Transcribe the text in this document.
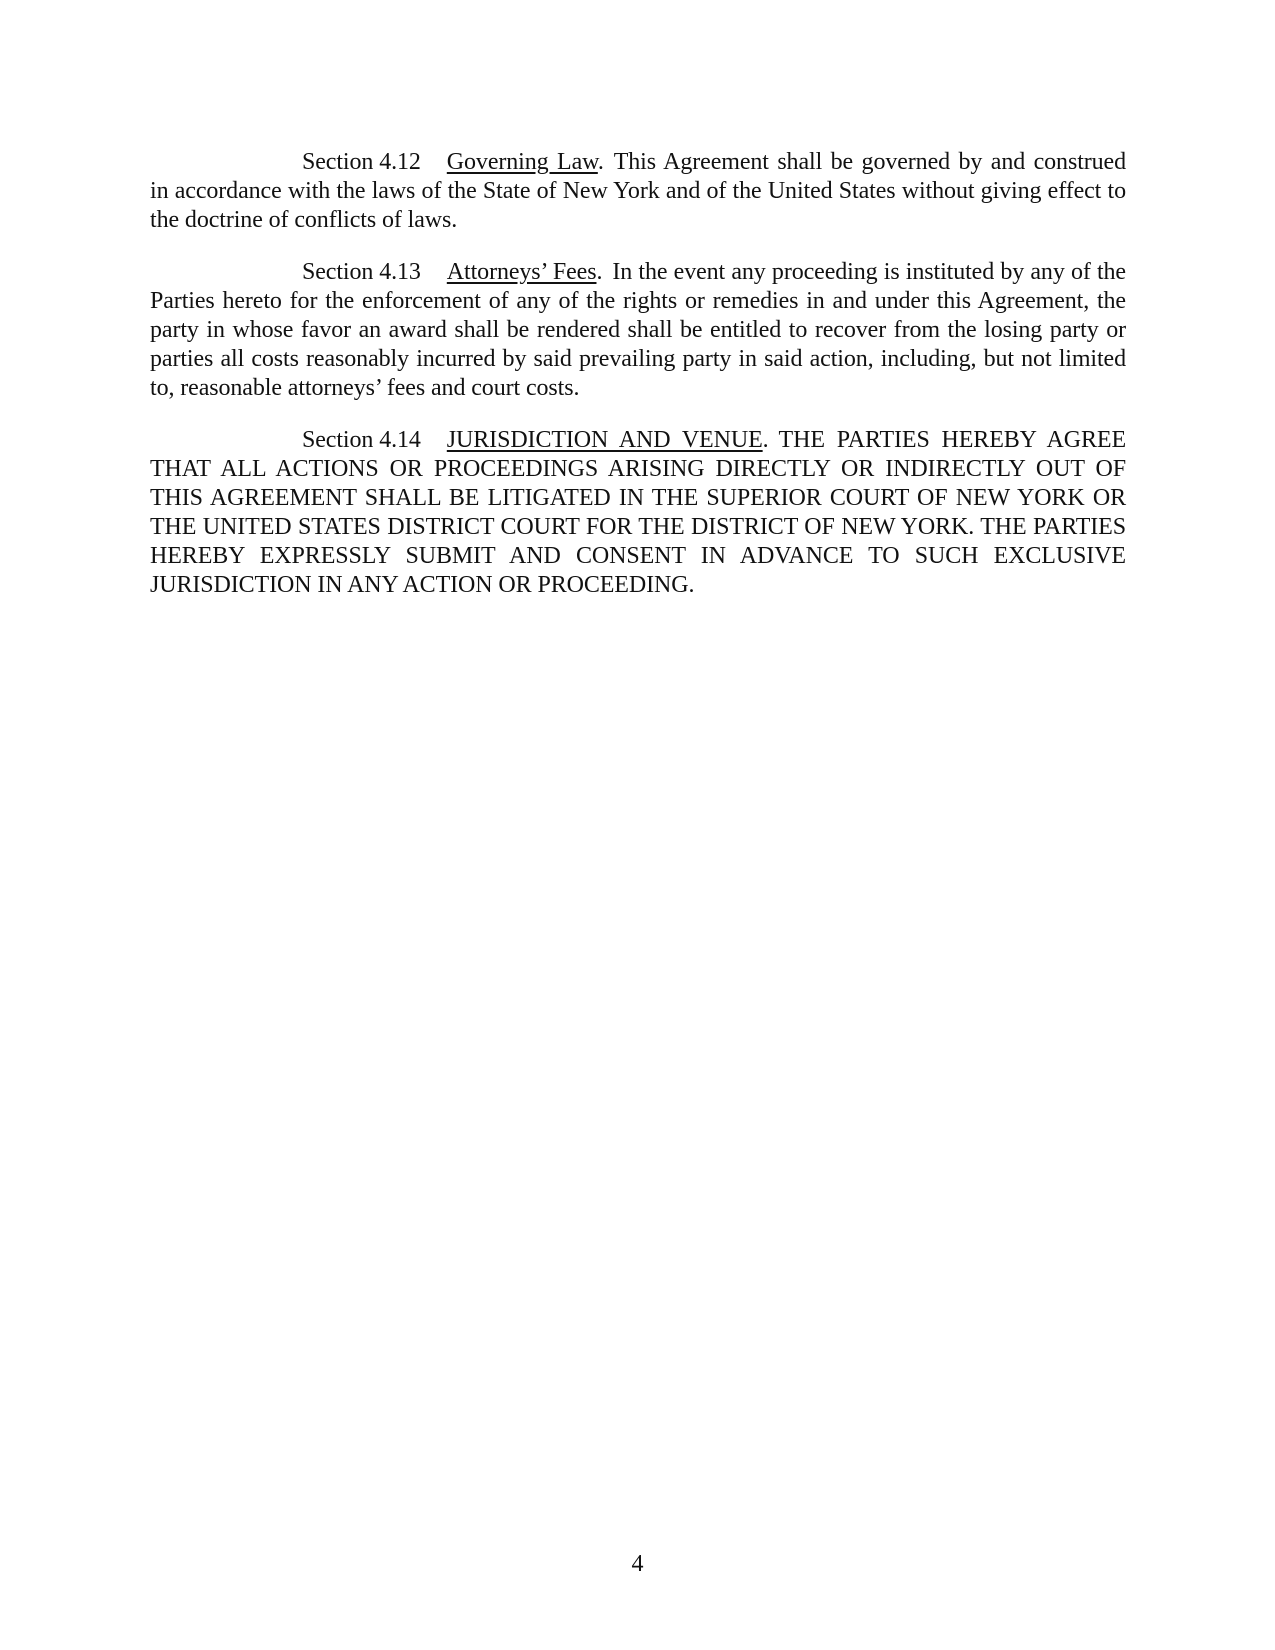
Section 4.12 Governing Law. This Agreement shall be governed by and construed in accordance with the laws of the State of New York and of the United States without giving effect to the doctrine of conflicts of laws.

Section 4.13 Attorneys’ Fees. In the event any proceeding is instituted by any of the Parties hereto for the enforcement of any of the rights or remedies in and under this Agreement, the party in whose favor an award shall be rendered shall be entitled to recover from the losing party or parties all costs reasonably incurred by said prevailing party in said action, including, but not limited to, reasonable attorneys’ fees and court costs.

Section 4.14 JURISDICTION AND VENUE. THE PARTIES HEREBY AGREE THAT ALL ACTIONS OR PROCEEDINGS ARISING DIRECTLY OR INDIRECTLY OUT OF THIS AGREEMENT SHALL BE LITIGATED IN THE SUPERIOR COURT OF NEW YORK OR THE UNITED STATES DISTRICT COURT FOR THE DISTRICT OF NEW YORK. THE PARTIES HEREBY EXPRESSLY SUBMIT AND CONSENT IN ADVANCE TO SUCH EXCLUSIVE JURISDICTION IN ANY ACTION OR PROCEEDING.

4
